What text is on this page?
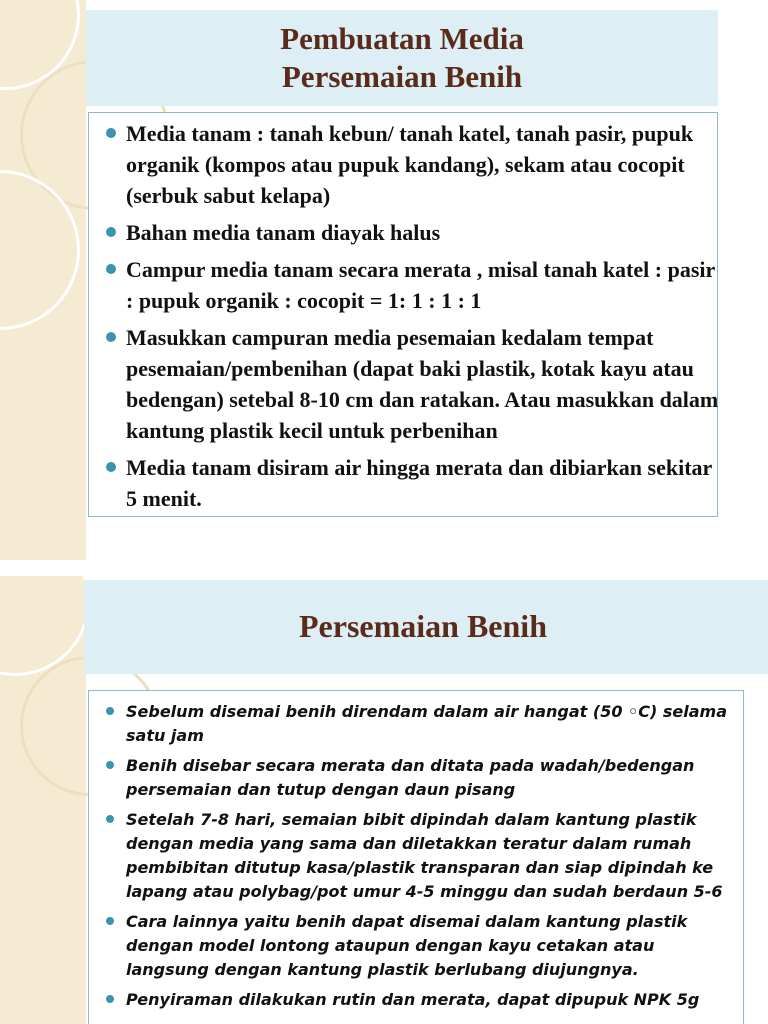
Pembuatan Media
Persemaian Benih
Persemaian Benih
Media tanam : tanah kebun/ tanah katel, tanah pasir, pupuk organik (kompos atau pupuk kandang), sekam atau cocopit (serbuk sabut kelapa)
Bahan media tanam diayak halus
Campur media tanam secara merata , misal tanah katel : pasir : pupuk organik : cocopit = 1: 1 : 1 : 1
Masukkan campuran media pesemaian kedalam tempat pesemaian/pembenihan (dapat baki plastik, kotak kayu atau bedengan) setebal 8-10 cm dan ratakan. Atau masukkan dalam kantung plastik kecil untuk perbenihan
Media tanam disiram air hingga merata dan dibiarkan sekitar 5 menit.
Sebelum disemai benih direndam dalam air hangat (50 ◦C) selama satu jam
Benih disebar secara merata dan ditata pada wadah/bedengan persemaian dan tutup dengan daun pisang
Setelah 7-8 hari, semaian bibit dipindah dalam kantung plastik dengan media yang sama dan diletakkan teratur dalam rumah pembibitan ditutup kasa/plastik transparan dan siap dipindah ke lapang atau polybag/pot umur 4-5 minggu dan sudah berdaun 5-6
Cara lainnya yaitu benih dapat disemai dalam kantung plastik dengan model lontong ataupun dengan kayu cetakan atau langsung dengan kantung plastik berlubang diujungnya.
Penyiraman dilakukan rutin dan merata, dapat dipupuk NPK 5g
